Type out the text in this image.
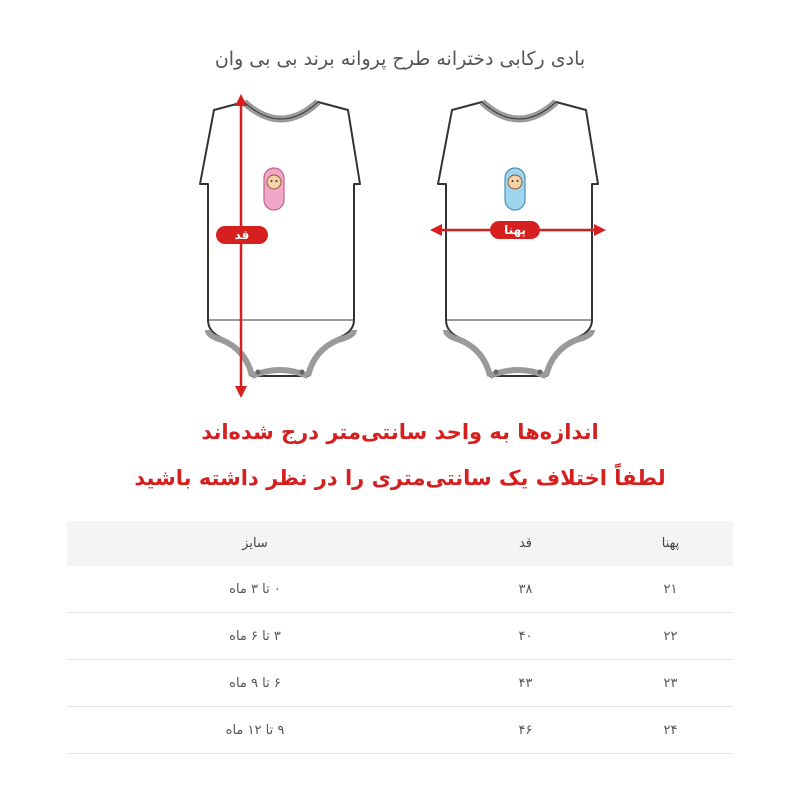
بادی رکابی دخترانه طرح پروانه برند بی بی وان
قد	پهنا
اندازه‌ها به واحد سانتی‌متر درج شده‌اند
لطفاً اختلاف یک سانتی‌متری را در نظر داشته باشید
پهنا
قد
سایز
۲۱
۳۸
۰ تا ۳ ماه
۲۲
۴۰
۳ تا ۶ ماه
۲۳
۴۳
۶ تا ۹ ماه
۲۴
۴۶
۹ تا ۱۲ ماه
